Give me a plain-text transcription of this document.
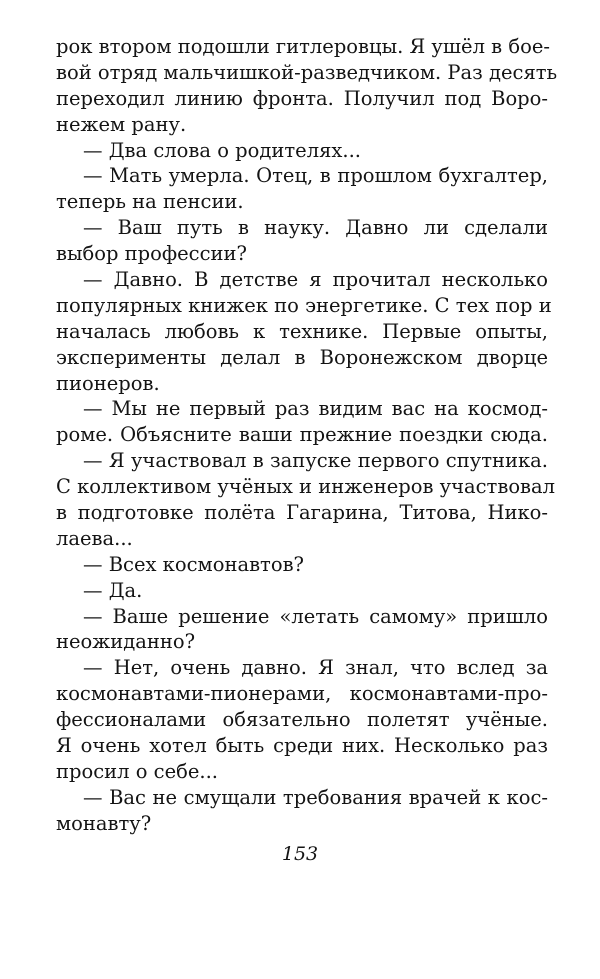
рок втором подошли гитлеровцы. Я ушёл в бое-
вой отряд мальчишкой-разведчиком. Раз десять
переходил линию фронта. Получил под Воро-
нежем рану.
— Два слова о родителях...
— Мать умерла. Отец, в прошлом бухгалтер,
теперь на пенсии.
— Ваш путь в науку. Давно ли сделали
выбор профессии?
— Давно. В детстве я прочитал несколько
популярных книжек по энергетике. С тех пор и
началась любовь к технике. Первые опыты,
эксперименты делал в Воронежском дворце
пионеров.
— Мы не первый раз видим вас на космод-
роме. Объясните ваши прежние поездки сюда.
— Я участвовал в запуске первого спутника.
С коллективом учёных и инженеров участвовал
в подготовке полёта Гагарина, Титова, Нико-
лаева...
— Всех космонавтов?
— Да.
— Ваше решение «летать самому» пришло
неожиданно?
— Нет, очень давно. Я знал, что вслед за
космонавтами-пионерами, космонавтами-про-
фессионалами обязательно полетят учёные.
Я очень хотел быть среди них. Несколько раз
просил о себе...
— Вас не смущали требования врачей к кос-
монавту?
153
